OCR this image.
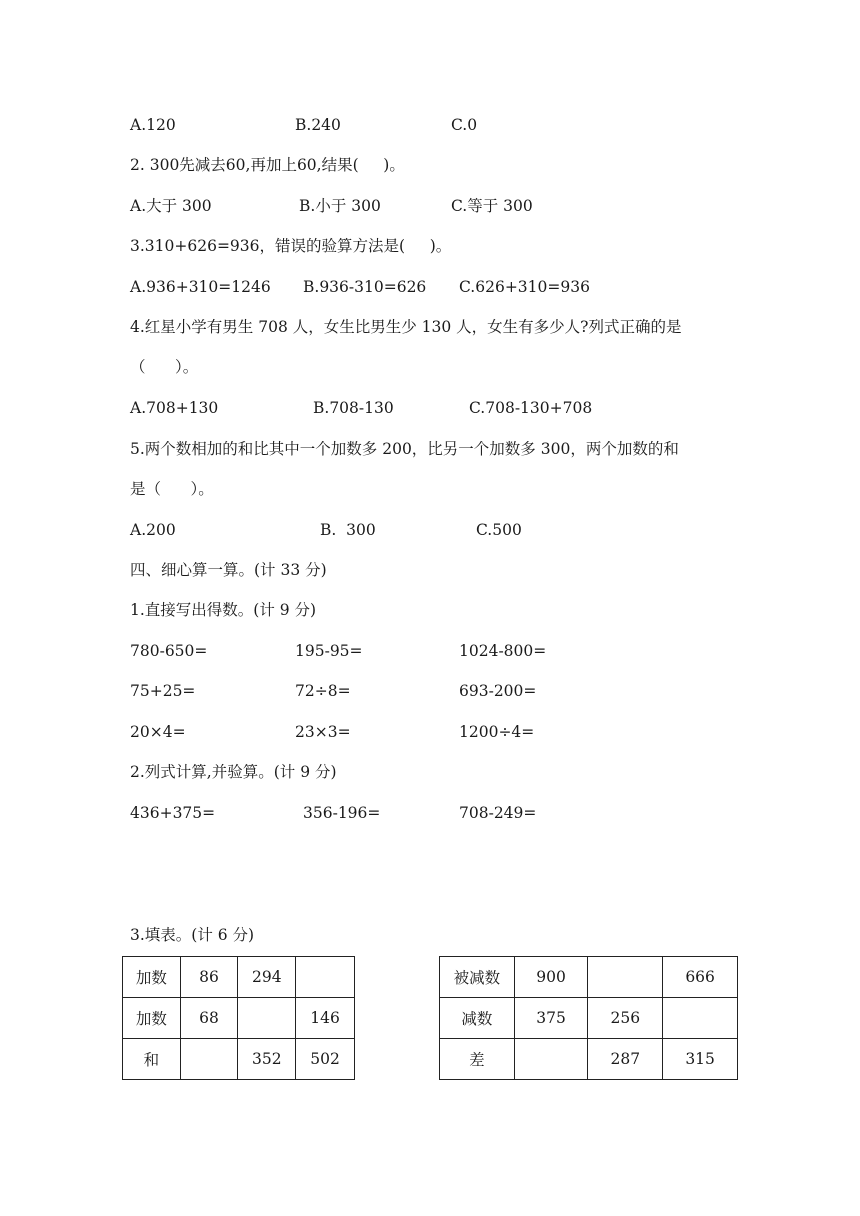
A.120	B.240	C.0
2. 300先减去60,再加上60,结果(     )。
A.大于 300	B.小于 300	C.等于 300
3.310+626=936，错误的验算方法是(     )。
A.936+310=1246 B.936-310=626 C.626+310=936
4.红星小学有男生 708 人，女生比男生少 130 人，女生有多少人?列式正确的是
（      ）。
A.708+130	B.708-130	C.708-130+708
5.两个数相加的和比其中一个加数多 200，比另一个加数多 300，两个加数的和
是（      ）。
A.200	B.  300	C.500
四、细心算一算。(计 33 分)
1.直接写出得数。(计 9 分)
780-650=	195-95=	1024-800=
75+25=	72÷8=	693-200=
20×4=	23×3=	1200÷4=
2.列式计算,并验算。(计 9 分)
436+375=	356-196=	708-249=
3.填表。(计 6 分)
加数	86	294	
加数	68		146
和		352	502
被减数	900		666
减数	375	256	
差		287	315
